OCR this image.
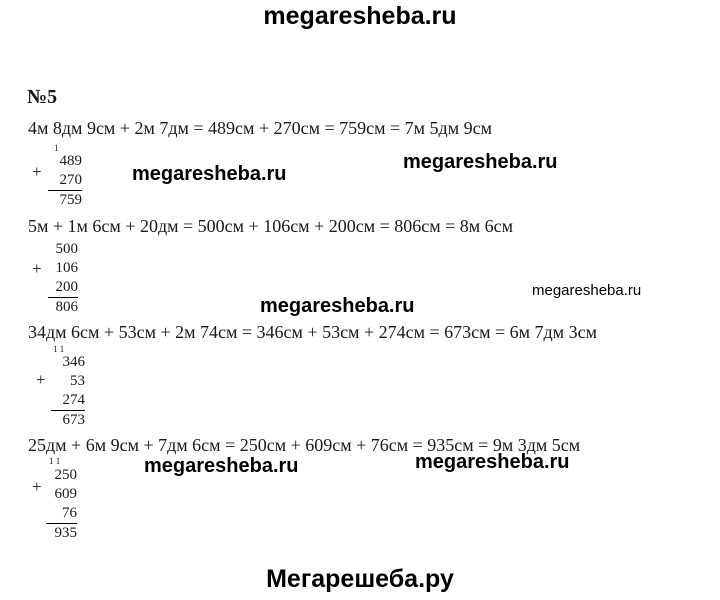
megaresheba.ru
№5
4м 8дм 9см + 2м 7дм = 489см + 270см = 759см = 7м 5дм 9см
1
+
489
270
759
5м + 1м 6см + 20дм = 500см + 106см + 200см = 806см = 8м 6см
+
500
106
200
806
34дм 6см + 53см + 2м 74см = 346см + 53см + 274см = 673см = 6м 7дм 3см
1 1
+
346
53
274
673
25дм + 6м 9см + 7дм 6см = 250см + 609см + 76см = 935см = 9м 3дм 5см
1 1
+
250
609
76
935
megaresheba.ru
megaresheba.ru
megaresheba.ru
megaresheba.ru
megaresheba.ru	megaresheba.ru
Мегарешеба.ру
